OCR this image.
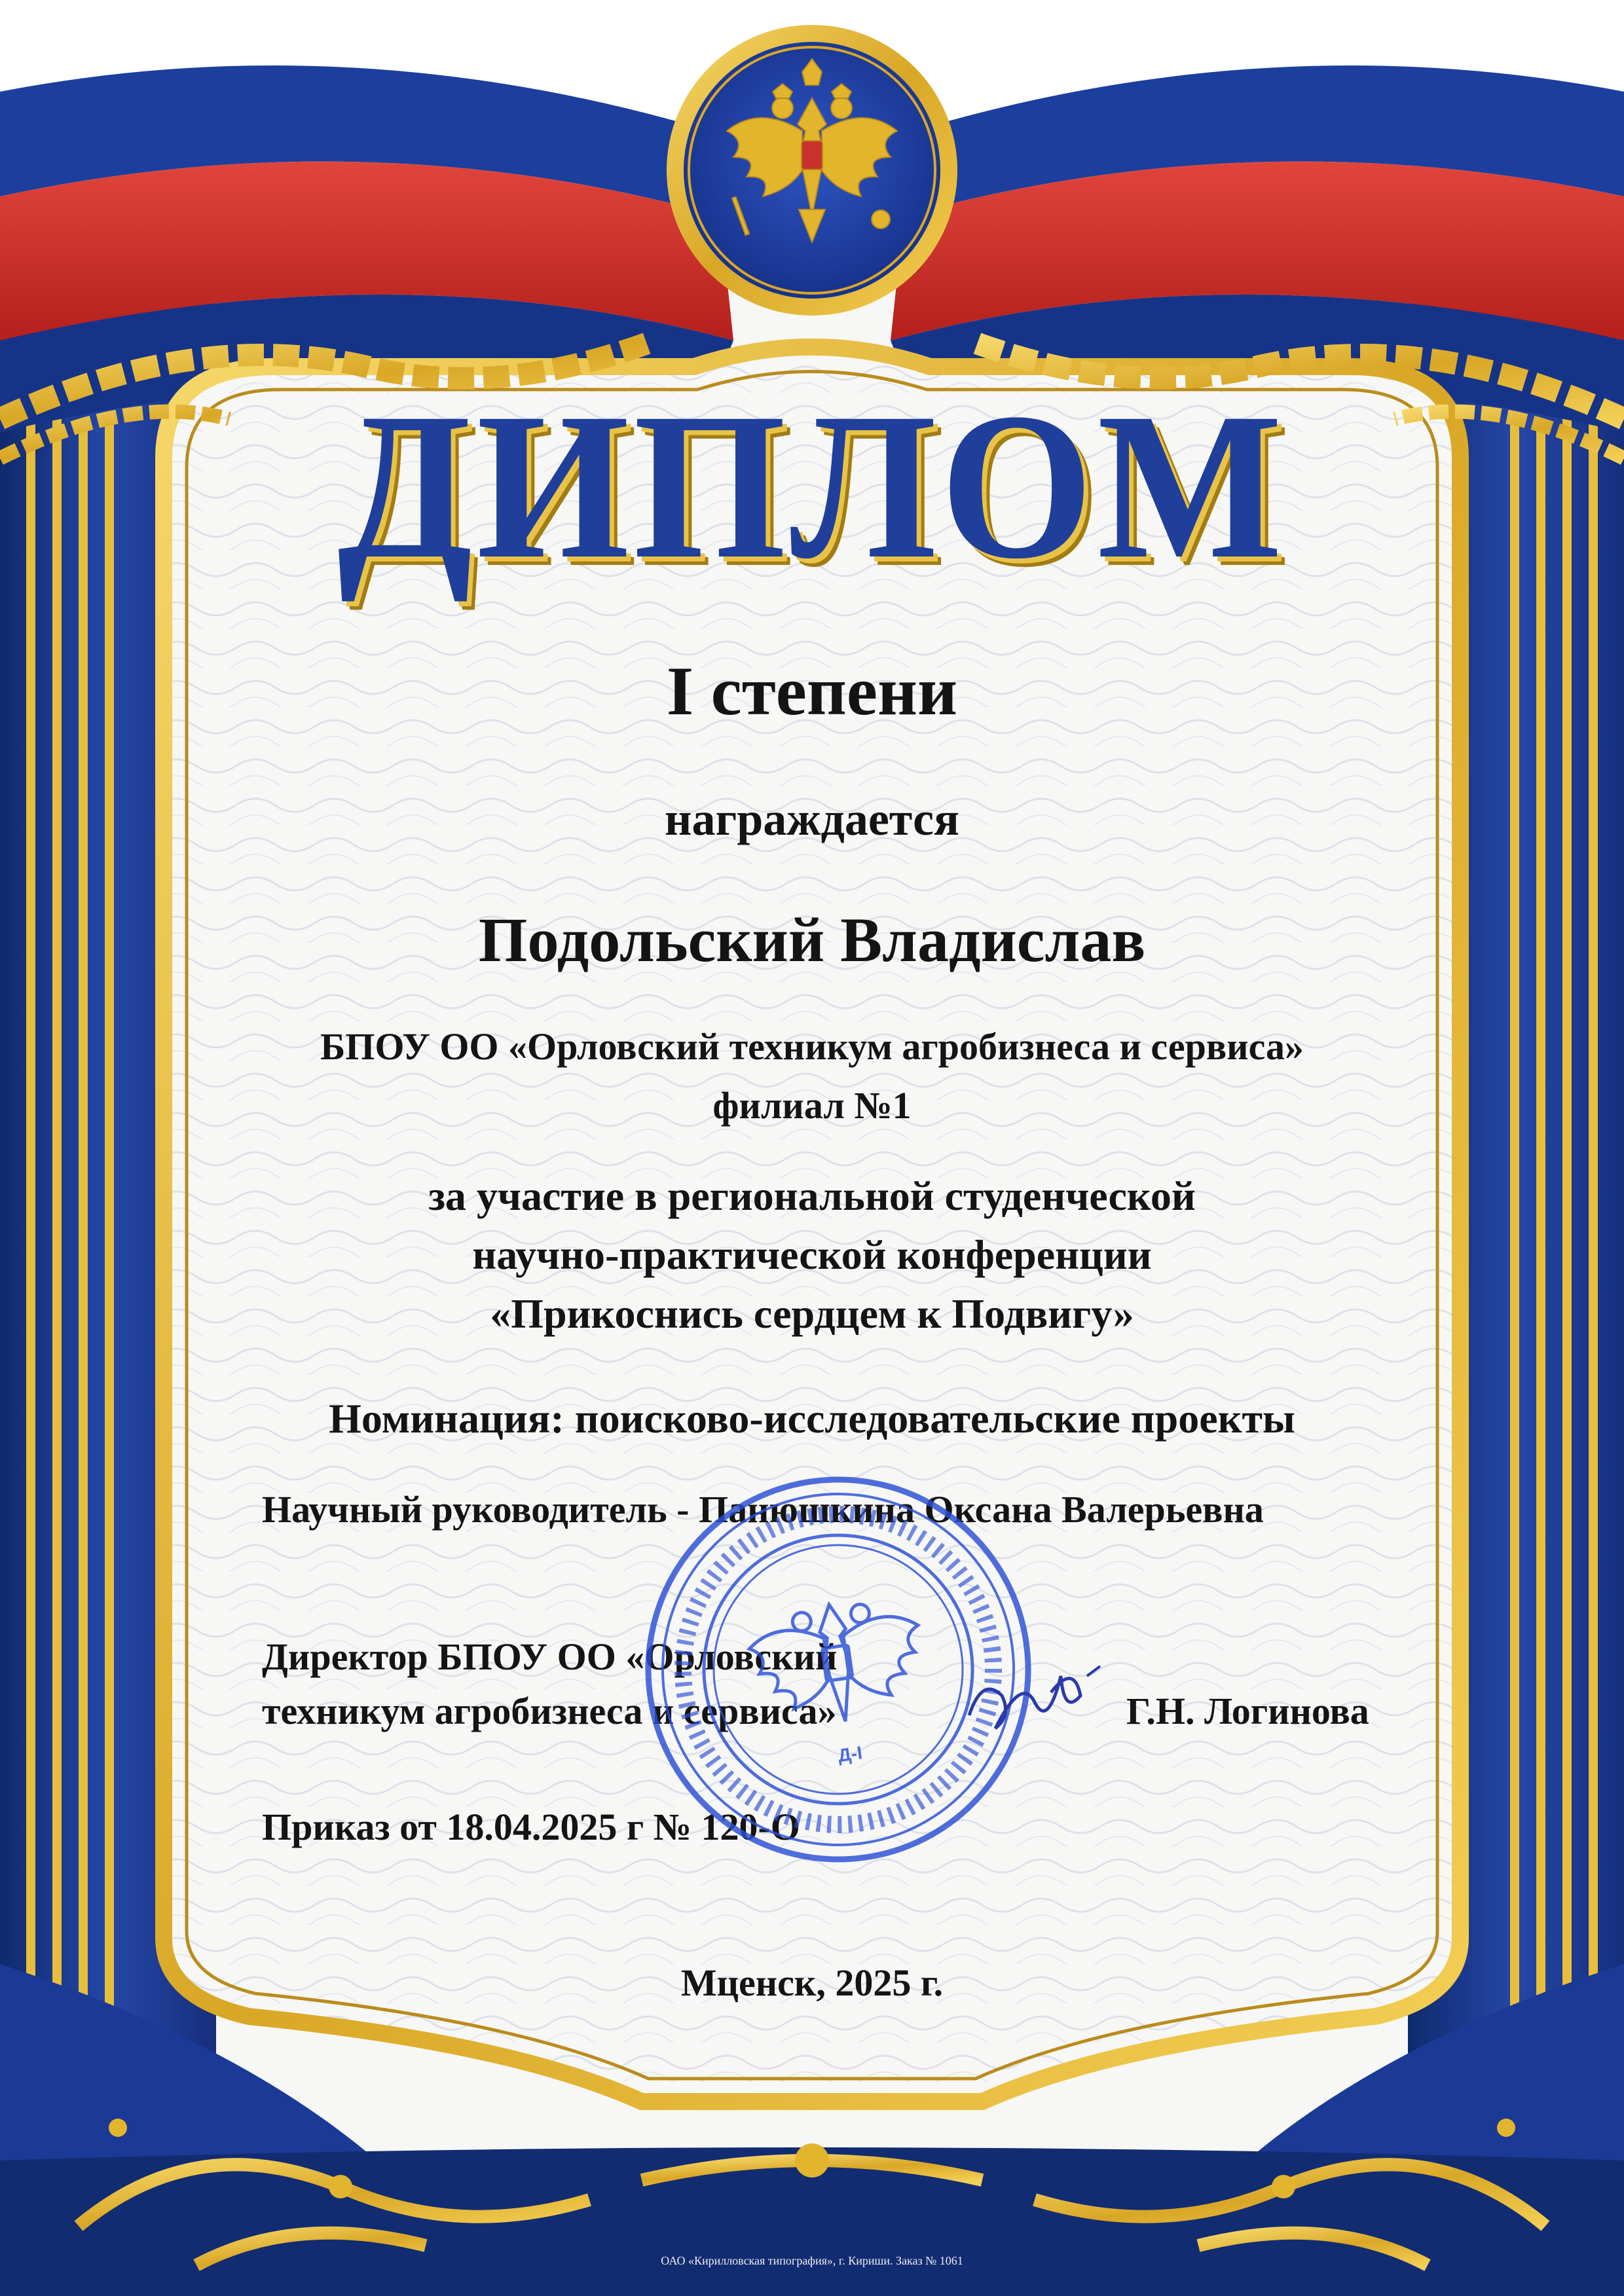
ДИПЛОМ
I степени
награждается
Подольский Владислав
БПОУ ОО «Орловский техникум агробизнеса и сервиса»
филиал №1
за участие в региональной студенческой
научно-практической конференции
«Прикоснись сердцем к Подвигу»
Номинация: поисково-исследовательские проекты
Научный руководитель - Панюшкина Оксана Валерьевна
Директор БПОУ ОО «Орловский
техникум агробизнеса и сервиса»	Г.Н. Логинова
Приказ от 18.04.2025 г № 120-О
Мценск, 2025 г.
ОАО «Кирилловская типография», г. Кириши. Заказ № 1061
Д-I
